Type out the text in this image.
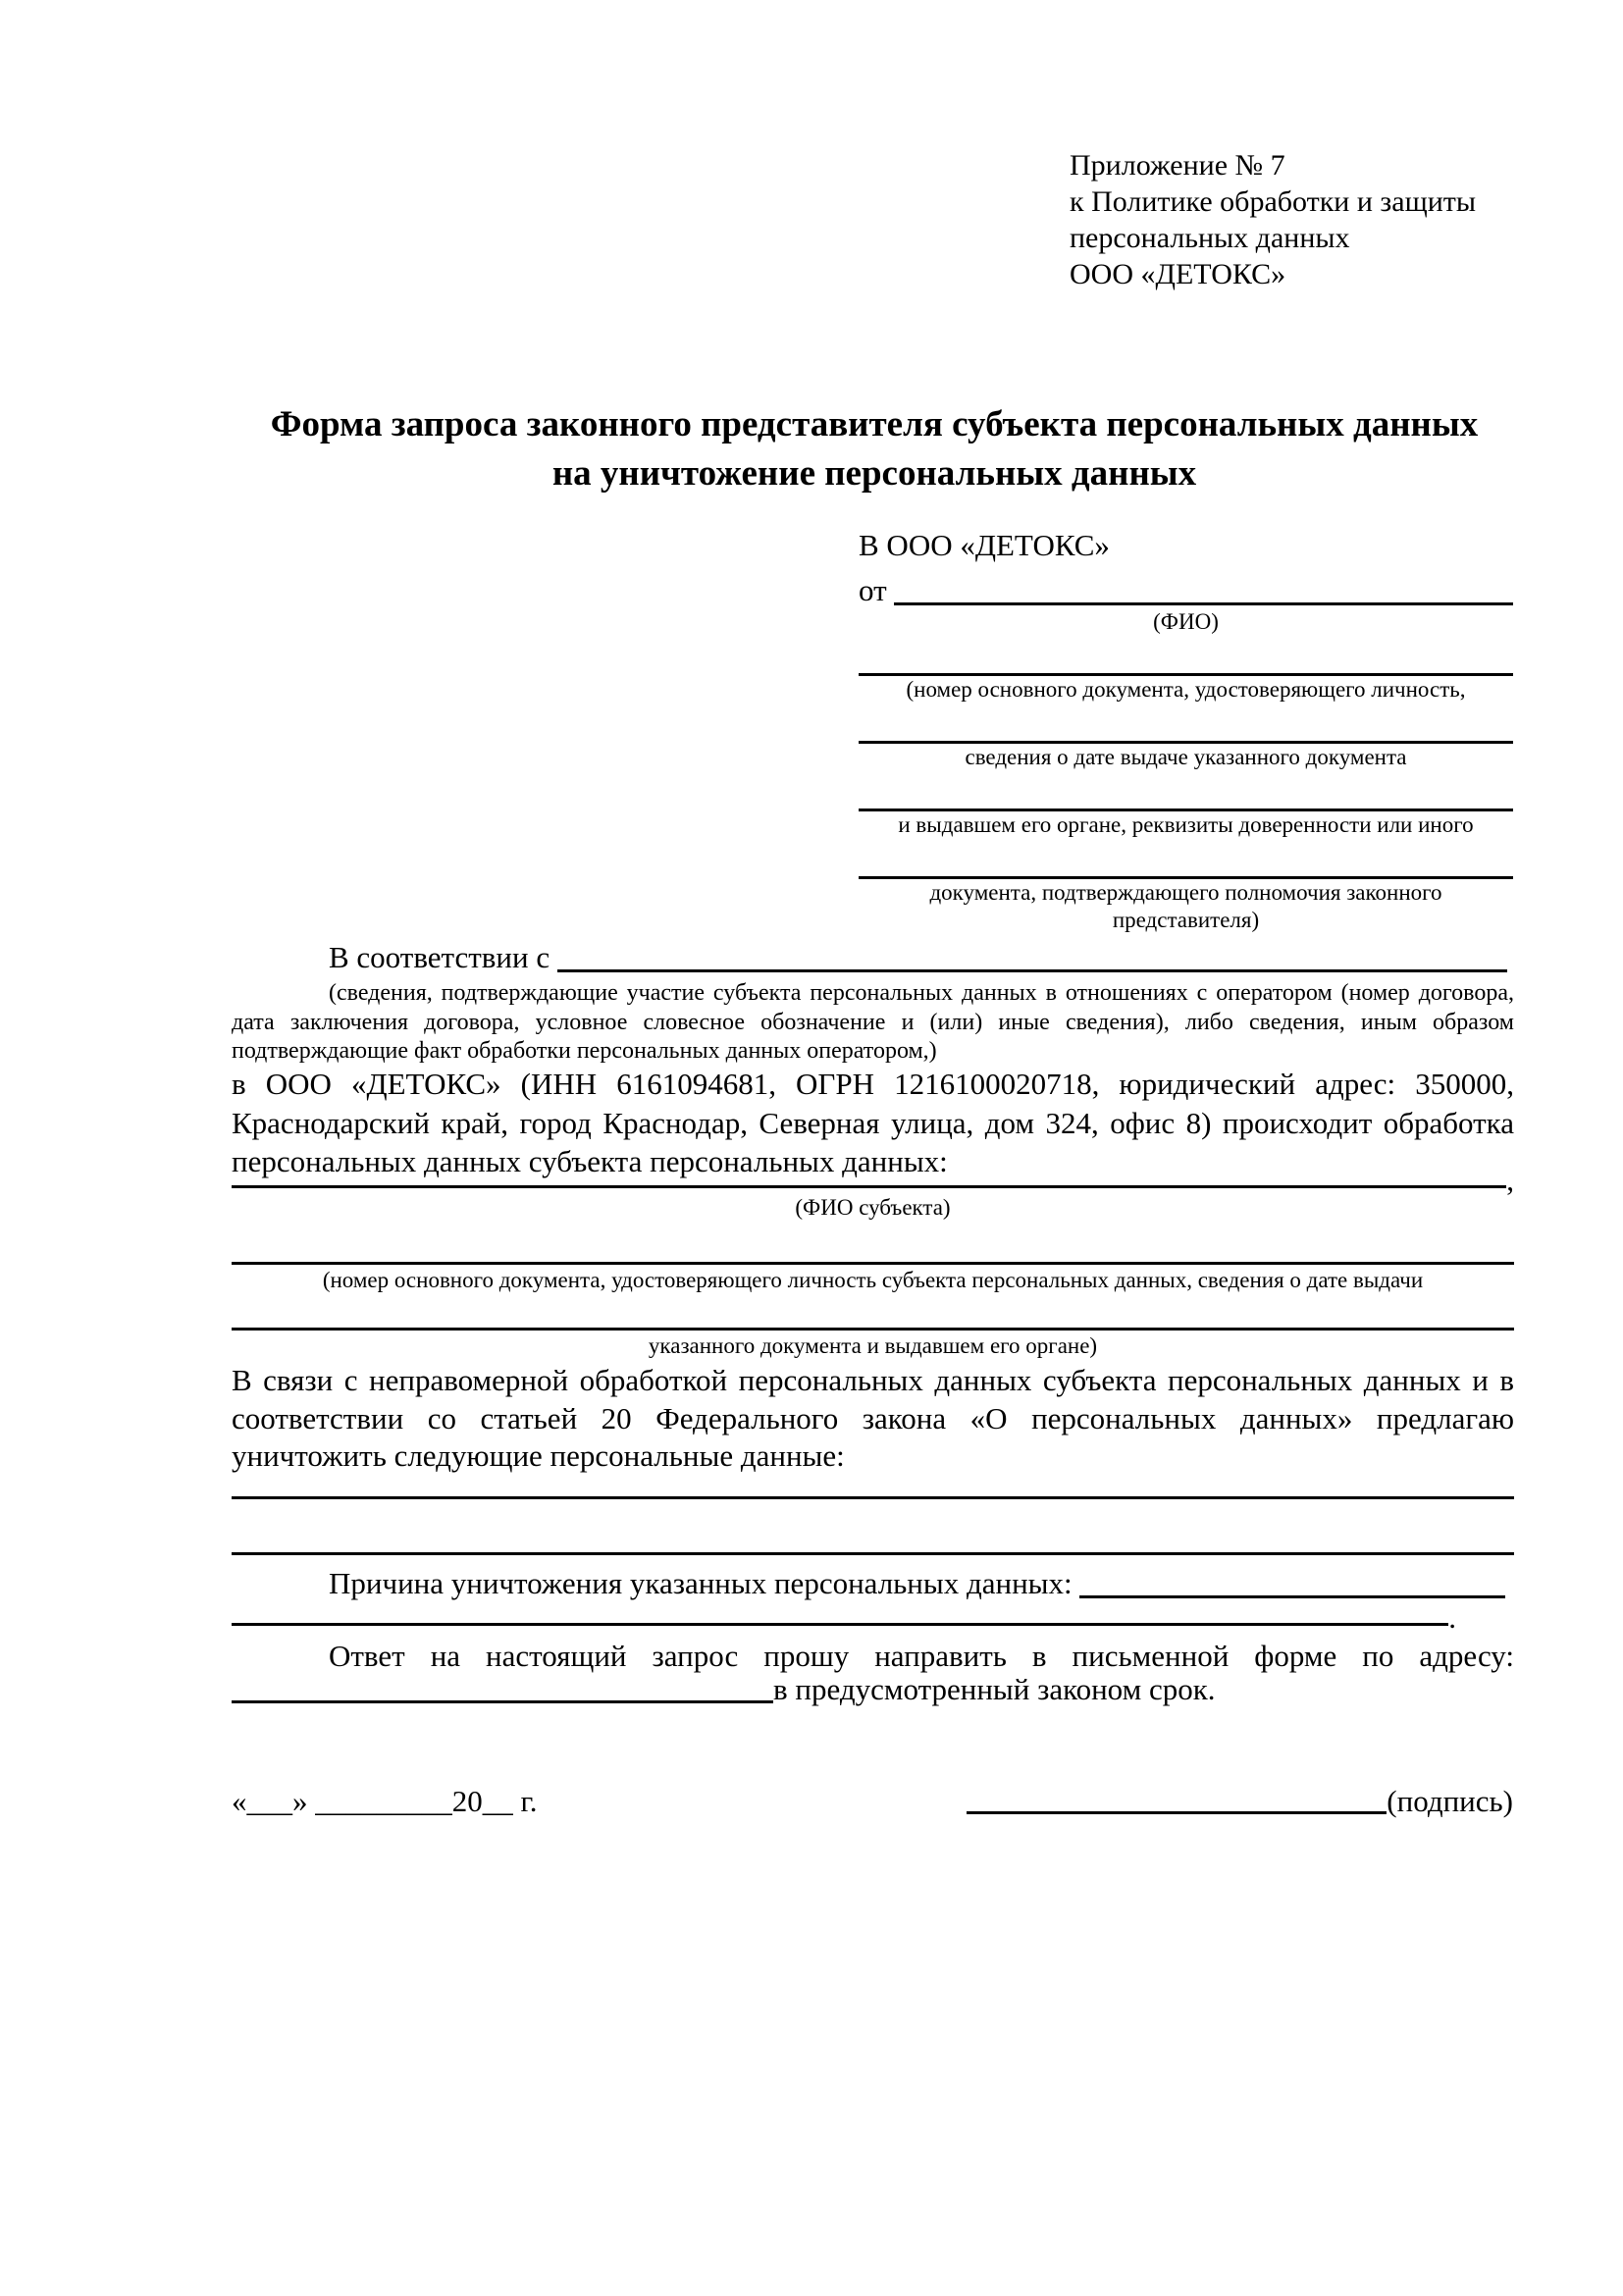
Приложение № 7
к Политике обработки и защиты
персональных данных
ООО «ДЕТОКС»
Форма запроса законного представителя субъекта персональных данных
на уничтожение персональных данных
В ООО «ДЕТОКС»
от
(ФИО)
(номер основного документа, удостоверяющего личность,
сведения о дате выдаче указанного документа
и выдавшем его органе, реквизиты доверенности или иного
документа, подтверждающего полномочия законного представителя)
В соответствии с
(сведения, подтверждающие участие субъекта персональных данных в отношениях с оператором (номер договора, дата заключения договора, условное словесное обозначение и (или) иные сведения), либо сведения, иным образом подтверждающие факт обработки персональных данных оператором,)
в ООО «ДЕТОКС» (ИНН 6161094681, ОГРН 1216100020718, юридический адрес: 350000, Краснодарский край, город Краснодар, Северная улица, дом 324, офис 8) происходит обработка персональных данных субъекта персональных данных:
,
(ФИО субъекта)
(номер основного документа, удостоверяющего личность субъекта персональных данных, сведения о дате выдачи
указанного документа и выдавшем его органе)
В связи с неправомерной обработкой персональных данных субъекта персональных данных и в соответствии со статьей 20 Федерального закона «О персональных данных» предлагаю уничтожить следующие персональные данные:
Причина уничтожения указанных персональных данных:
.
Ответ на настоящий запрос прошу направить в письменной форме по адресу:
в предусмотренный законом срок.
«___» _________20__ г.	(подпись)
